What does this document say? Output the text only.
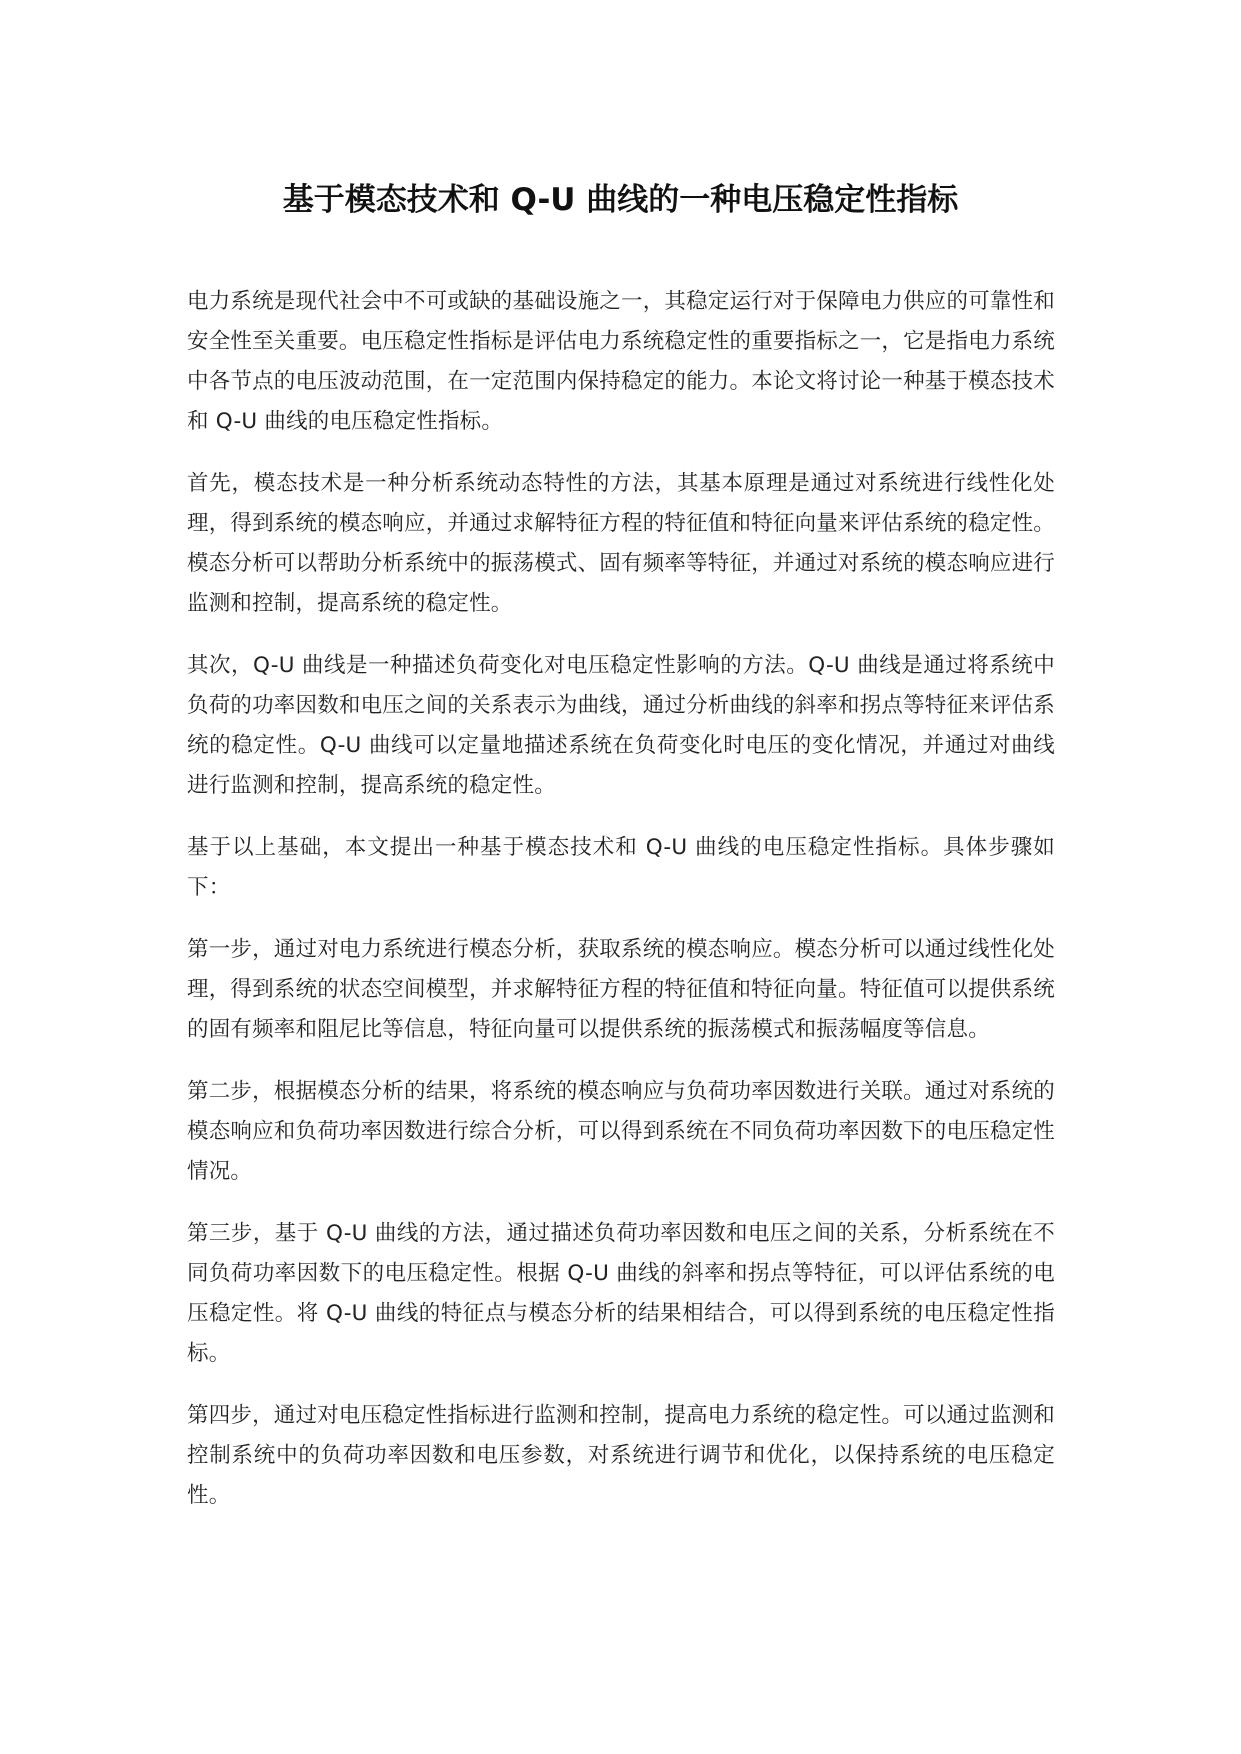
基于模态技术和 Q-U 曲线的一种电压稳定性指标

电力系统是现代社会中不可或缺的基础设施之一，其稳定运行对于保障电力供应的可靠性和安全性至关重要。电压稳定性指标是评估电力系统稳定性的重要指标之一，它是指电力系统中各节点的电压波动范围，在一定范围内保持稳定的能力。本论文将讨论一种基于模态技术和 Q-U 曲线的电压稳定性指标。

首先，模态技术是一种分析系统动态特性的方法，其基本原理是通过对系统进行线性化处理，得到系统的模态响应，并通过求解特征方程的特征值和特征向量来评估系统的稳定性。模态分析可以帮助分析系统中的振荡模式、固有频率等特征，并通过对系统的模态响应进行监测和控制，提高系统的稳定性。

其次，Q-U 曲线是一种描述负荷变化对电压稳定性影响的方法。Q-U 曲线是通过将系统中负荷的功率因数和电压之间的关系表示为曲线，通过分析曲线的斜率和拐点等特征来评估系统的稳定性。Q-U 曲线可以定量地描述系统在负荷变化时电压的变化情况，并通过对曲线进行监测和控制，提高系统的稳定性。

基于以上基础，本文提出一种基于模态技术和 Q-U 曲线的电压稳定性指标。具体步骤如下：

第一步，通过对电力系统进行模态分析，获取系统的模态响应。模态分析可以通过线性化处理，得到系统的状态空间模型，并求解特征方程的特征值和特征向量。特征值可以提供系统的固有频率和阻尼比等信息，特征向量可以提供系统的振荡模式和振荡幅度等信息。

第二步，根据模态分析的结果，将系统的模态响应与负荷功率因数进行关联。通过对系统的模态响应和负荷功率因数进行综合分析，可以得到系统在不同负荷功率因数下的电压稳定性情况。

第三步，基于 Q-U 曲线的方法，通过描述负荷功率因数和电压之间的关系，分析系统在不同负荷功率因数下的电压稳定性。根据 Q-U 曲线的斜率和拐点等特征，可以评估系统的电压稳定性。将 Q-U 曲线的特征点与模态分析的结果相结合，可以得到系统的电压稳定性指标。

第四步，通过对电压稳定性指标进行监测和控制，提高电力系统的稳定性。可以通过监测和控制系统中的负荷功率因数和电压参数，对系统进行调节和优化，以保持系统的电压稳定性。
